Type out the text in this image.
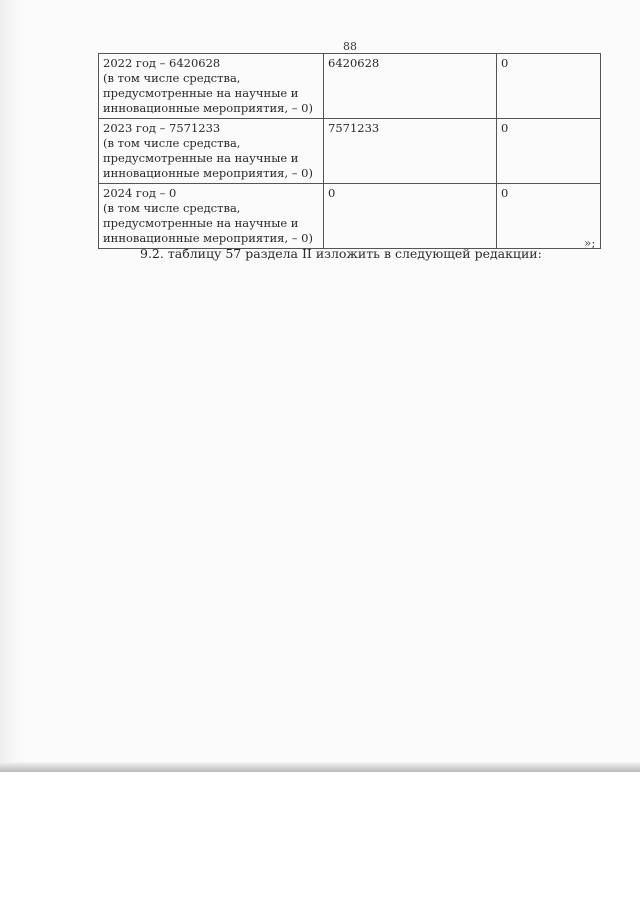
88
2022 год – 6420628
(в том числе средства,
предусмотренные на научные и
инновационные мероприятия, – 0)	6420628	0

2023 год – 7571233
(в том числе средства,
предусмотренные на научные и
инновационные мероприятия, – 0)	7571233	0

2024 год – 0
(в том числе средства,
предусмотренные на научные и
инновационные мероприятия, – 0)	0	0
»;
9.2. таблицу 57 раздела II изложить в следующей редакции:
